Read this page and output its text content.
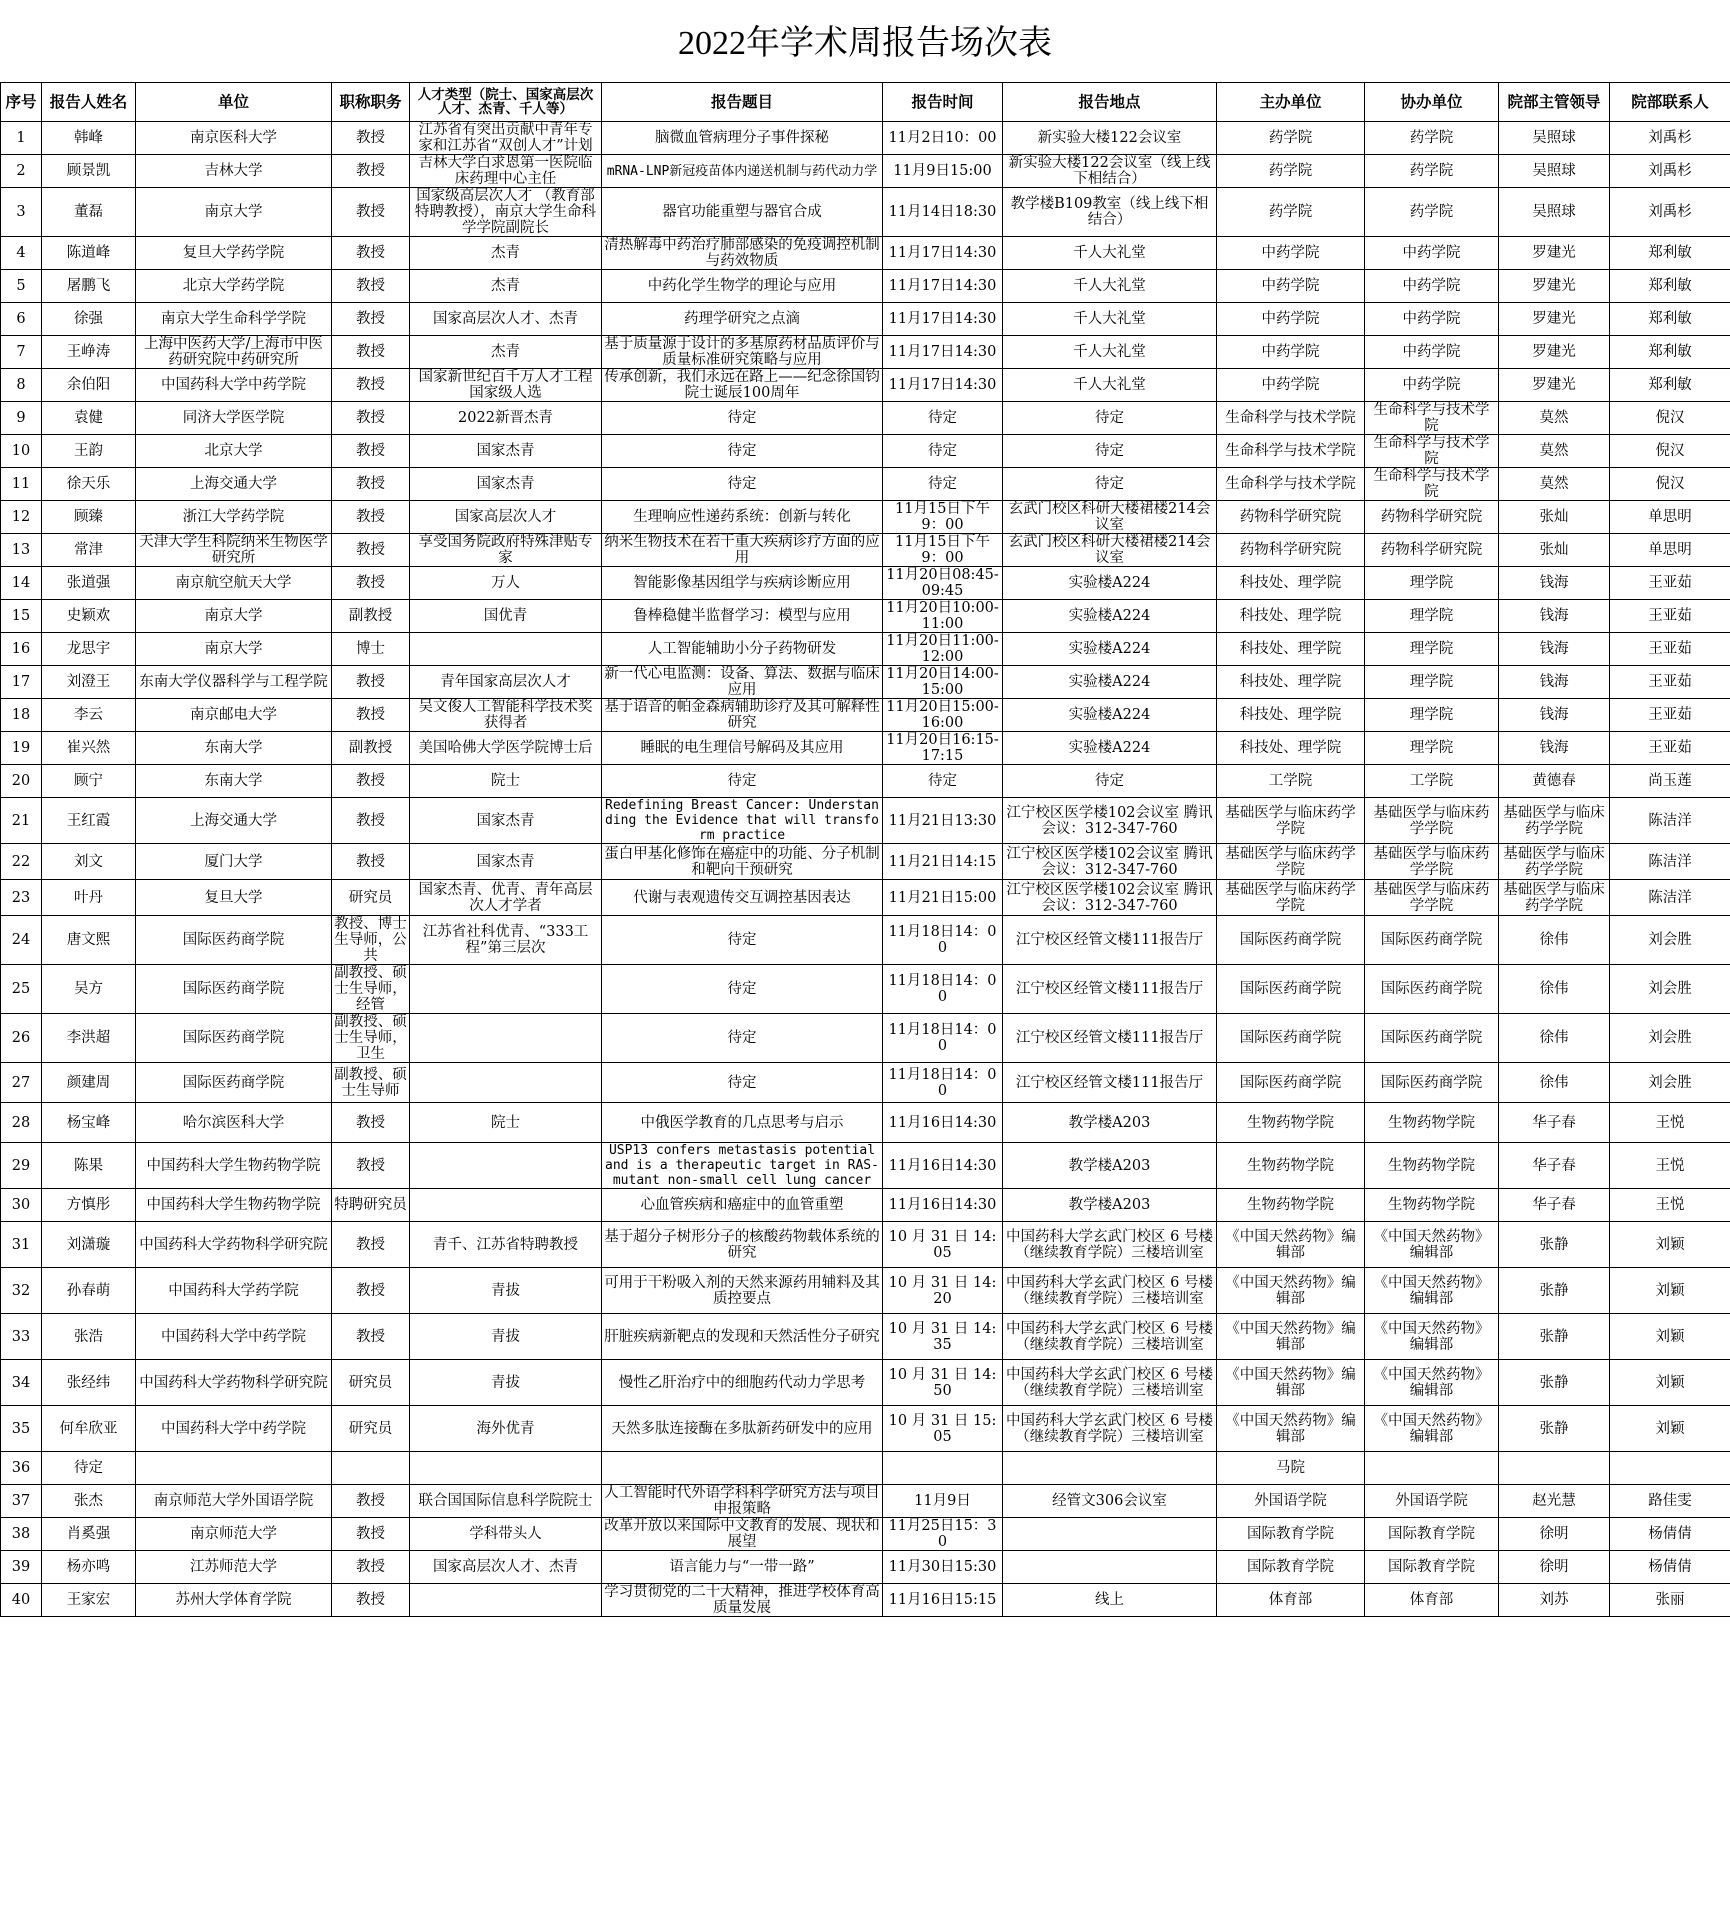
2022年学术周报告场次表
序号	报告人姓名	单位	职称职务	人才类型（院士、国家高层次人才、杰青、千人等）	报告题目	报告时间	报告地点	主办单位	协办单位	院部主管领导	院部联系人
1	韩峰	南京医科大学	教授	江苏省有突出贡献中青年专家和江苏省“双创人才”计划	脑微血管病理分子事件探秘	11月2日10：00	新实验大楼122会议室	药学院	药学院	吴照球	刘禹杉
2	顾景凯	吉林大学	教授	吉林大学白求恩第一医院临床药理中心主任	mRNA-LNP新冠疫苗体内递送机制与药代动力学	11月9日15:00	新实验大楼122会议室（线上线下相结合）	药学院	药学院	吴照球	刘禹杉
3	董磊	南京大学	教授	国家级高层次人才 （教育部特聘教授），南京大学生命科学学院副院长	器官功能重塑与器官合成	11月14日18:30	教学楼B109教室（线上线下相结合）	药学院	药学院	吴照球	刘禹杉
4	陈道峰	复旦大学药学院	教授	杰青	清热解毒中药治疗肺部感染的免疫调控机制与药效物质	11月17日14:30	千人大礼堂	中药学院	中药学院	罗建光	郑利敏
5	屠鹏飞	北京大学药学院	教授	杰青	中药化学生物学的理论与应用	11月17日14:30	千人大礼堂	中药学院	中药学院	罗建光	郑利敏
6	徐强	南京大学生命科学学院	教授	国家高层次人才、杰青	药理学研究之点滴	11月17日14:30	千人大礼堂	中药学院	中药学院	罗建光	郑利敏
7	王峥涛	上海中医药大学/上海市中医药研究院中药研究所	教授	杰青	基于质量源于设计的多基原药材品质评价与质量标准研究策略与应用	11月17日14:30	千人大礼堂	中药学院	中药学院	罗建光	郑利敏
8	余伯阳	中国药科大学中药学院	教授	国家新世纪百千万人才工程国家级人选	传承创新，我们永远在路上——纪念徐国钧院士诞辰100周年	11月17日14:30	千人大礼堂	中药学院	中药学院	罗建光	郑利敏
9	袁健	同济大学医学院	教授	2022新晋杰青	待定	待定	待定	生命科学与技术学院	生命科学与技术学院	莫然	倪汉
10	王韵	北京大学	教授	国家杰青	待定	待定	待定	生命科学与技术学院	生命科学与技术学院	莫然	倪汉
11	徐天乐	上海交通大学	教授	国家杰青	待定	待定	待定	生命科学与技术学院	生命科学与技术学院	莫然	倪汉
12	顾臻	浙江大学药学院	教授	国家高层次人才	生理响应性递药系统：创新与转化	11月15日下午9：00	玄武门校区科研大楼裙楼214会议室	药物科学研究院	药物科学研究院	张灿	单思明
13	常津	天津大学生科院纳米生物医学研究所	教授	享受国务院政府特殊津贴专家	纳米生物技术在若干重大疾病诊疗方面的应用	11月15日下午9：00	玄武门校区科研大楼裙楼214会议室	药物科学研究院	药物科学研究院	张灿	单思明
14	张道强	南京航空航天大学	教授	万人	智能影像基因组学与疾病诊断应用	11月20日08:45-09:45	实验楼A224	科技处、理学院	理学院	钱海	王亚茹
15	史颖欢	南京大学	副教授	国优青	鲁棒稳健半监督学习：模型与应用	11月20日10:00-11:00	实验楼A224	科技处、理学院	理学院	钱海	王亚茹
16	龙思宇	南京大学	博士		人工智能辅助小分子药物研发	11月20日11:00-12:00	实验楼A224	科技处、理学院	理学院	钱海	王亚茹
17	刘澄王	东南大学仪器科学与工程学院	教授	青年国家高层次人才	新一代心电监测：设备、算法、数据与临床应用	11月20日14:00-15:00	实验楼A224	科技处、理学院	理学院	钱海	王亚茹
18	李云	南京邮电大学	教授	吴文俊人工智能科学技术奖获得者	基于语音的帕金森病辅助诊疗及其可解释性研究	11月20日15:00-16:00	实验楼A224	科技处、理学院	理学院	钱海	王亚茹
19	崔兴然	东南大学	副教授	美国哈佛大学医学院博士后	睡眠的电生理信号解码及其应用	11月20日16:15-17:15	实验楼A224	科技处、理学院	理学院	钱海	王亚茹
20	顾宁	东南大学	教授	院士	待定	待定	待定	工学院	工学院	黄德春	尚玉莲
21	王红霞	上海交通大学	教授	国家杰青	Redefining Breast Cancer: Understanding the Evidence that will transform practice	11月21日13:30	江宁校区医学楼102会议室 腾讯会议：312-347-760	基础医学与临床药学学院	基础医学与临床药学学院	基础医学与临床药学学院	陈洁洋
22	刘文	厦门大学	教授	国家杰青	蛋白甲基化修饰在癌症中的功能、分子机制和靶向干预研究	11月21日14:15	江宁校区医学楼102会议室 腾讯会议：312-347-760	基础医学与临床药学学院	基础医学与临床药学学院	基础医学与临床药学学院	陈洁洋
23	叶丹	复旦大学	研究员	国家杰青、优青、青年高层次人才学者	代谢与表观遗传交互调控基因表达	11月21日15:00	江宁校区医学楼102会议室 腾讯会议：312-347-760	基础医学与临床药学学院	基础医学与临床药学学院	基础医学与临床药学学院	陈洁洋
24	唐文熙	国际医药商学院	教授、博士生导师，公共	江苏省社科优青、“333工程”第三层次	待定	11月18日14：00	江宁校区经管文楼111报告厅	国际医药商学院	国际医药商学院	徐伟	刘会胜
25	吴方	国际医药商学院	副教授、硕士生导师，经管		待定	11月18日14：00	江宁校区经管文楼111报告厅	国际医药商学院	国际医药商学院	徐伟	刘会胜
26	李洪超	国际医药商学院	副教授、硕士生导师，卫生		待定	11月18日14：00	江宁校区经管文楼111报告厅	国际医药商学院	国际医药商学院	徐伟	刘会胜
27	颜建周	国际医药商学院	副教授、硕士生导师		待定	11月18日14：00	江宁校区经管文楼111报告厅	国际医药商学院	国际医药商学院	徐伟	刘会胜
28	杨宝峰	哈尔滨医科大学	教授	院士	中俄医学教育的几点思考与启示	11月16日14:30	教学楼A203	生物药物学院	生物药物学院	华子春	王悦
29	陈果	中国药科大学生物药物学院	教授		USP13 confers metastasis potential and is a therapeutic target in RAS-mutant non-small cell lung cancer	11月16日14:30	教学楼A203	生物药物学院	生物药物学院	华子春	王悦
30	方慎彤	中国药科大学生物药物学院	特聘研究员		心血管疾病和癌症中的血管重塑	11月16日14:30	教学楼A203	生物药物学院	生物药物学院	华子春	王悦
31	刘潇璇	中国药科大学药物科学研究院	教授	青千、江苏省特聘教授	基于超分子树形分子的核酸药物载体系统的研究	10 月 31 日 14:05	中国药科大学玄武门校区 6 号楼（继续教育学院）三楼培训室	《中国天然药物》编辑部	《中国天然药物》编辑部	张静	刘颖
32	孙春萌	中国药科大学药学院	教授	青拔	可用于干粉吸入剂的天然来源药用辅料及其质控要点	10 月 31 日 14:20	中国药科大学玄武门校区 6 号楼（继续教育学院）三楼培训室	《中国天然药物》编辑部	《中国天然药物》编辑部	张静	刘颖
33	张浩	中国药科大学中药学院	教授	青拔	肝脏疾病新靶点的发现和天然活性分子研究	10 月 31 日 14:35	中国药科大学玄武门校区 6 号楼（继续教育学院）三楼培训室	《中国天然药物》编辑部	《中国天然药物》编辑部	张静	刘颖
34	张经纬	中国药科大学药物科学研究院	研究员	青拔	慢性乙肝治疗中的细胞药代动力学思考	10 月 31 日 14:50	中国药科大学玄武门校区 6 号楼（继续教育学院）三楼培训室	《中国天然药物》编辑部	《中国天然药物》编辑部	张静	刘颖
35	何牟欣亚	中国药科大学中药学院	研究员	海外优青	天然多肽连接酶在多肽新药研发中的应用	10 月 31 日 15:05	中国药科大学玄武门校区 6 号楼（继续教育学院）三楼培训室	《中国天然药物》编辑部	《中国天然药物》编辑部	张静	刘颖
36	待定							马院			
37	张杰	南京师范大学外国语学院	教授	联合国国际信息科学院院士	人工智能时代外语学科科学研究方法与项目申报策略	11月9日	经管文306会议室	外国语学院	外国语学院	赵光慧	路佳雯
38	肖奚强	南京师范大学	教授	学科带头人	改革开放以来国际中文教育的发展、现状和展望	11月25日15：30		国际教育学院	国际教育学院	徐明	杨倩倩
39	杨亦鸣	江苏师范大学	教授	国家高层次人才、杰青	语言能力与“一带一路”	11月30日15:30		国际教育学院	国际教育学院	徐明	杨倩倩
40	王家宏	苏州大学体育学院	教授		学习贯彻党的二十大精神，推进学校体育高质量发展	11月16日15:15	线上	体育部	体育部	刘苏	张丽
